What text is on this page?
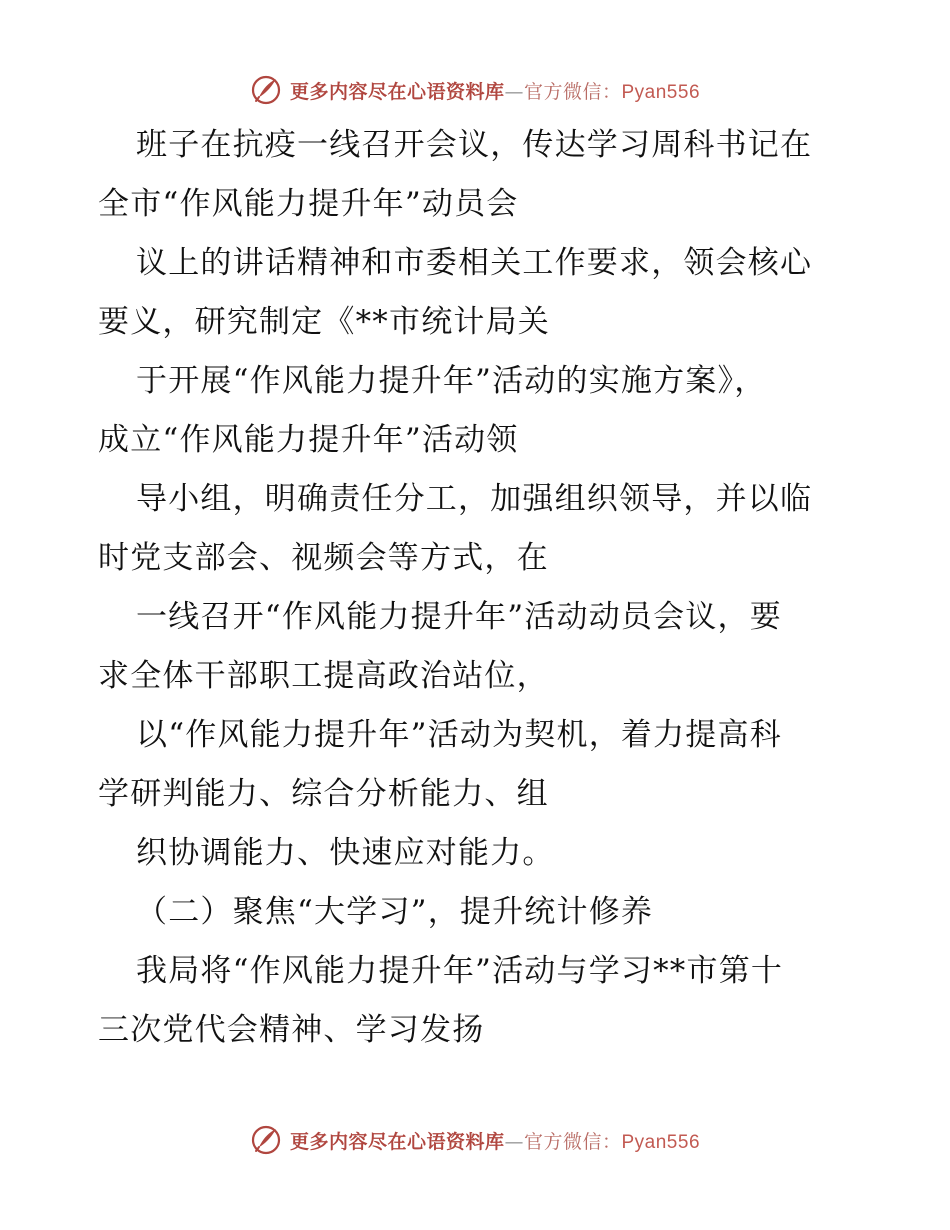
更多内容尽在心语资料库—官方微信：Pyan556
班子在抗疫一线召开会议，传达学习周科书记在
全市“作风能力提升年”动员会
议上的讲话精神和市委相关工作要求，领会核心
要义，研究制定《**市统计局关
于开展“作风能力提升年”活动的实施方案》，
成立“作风能力提升年”活动领
导小组，明确责任分工，加强组织领导，并以临
时党支部会、视频会等方式，在
一线召开“作风能力提升年”活动动员会议，要
求全体干部职工提高政治站位，
以“作风能力提升年”活动为契机，着力提高科
学研判能力、综合分析能力、组
织协调能力、快速应对能力。
（二）聚焦“大学习”，提升统计修养
我局将“作风能力提升年”活动与学习**市第十
三次党代会精神、学习发扬
更多内容尽在心语资料库—官方微信：Pyan556
